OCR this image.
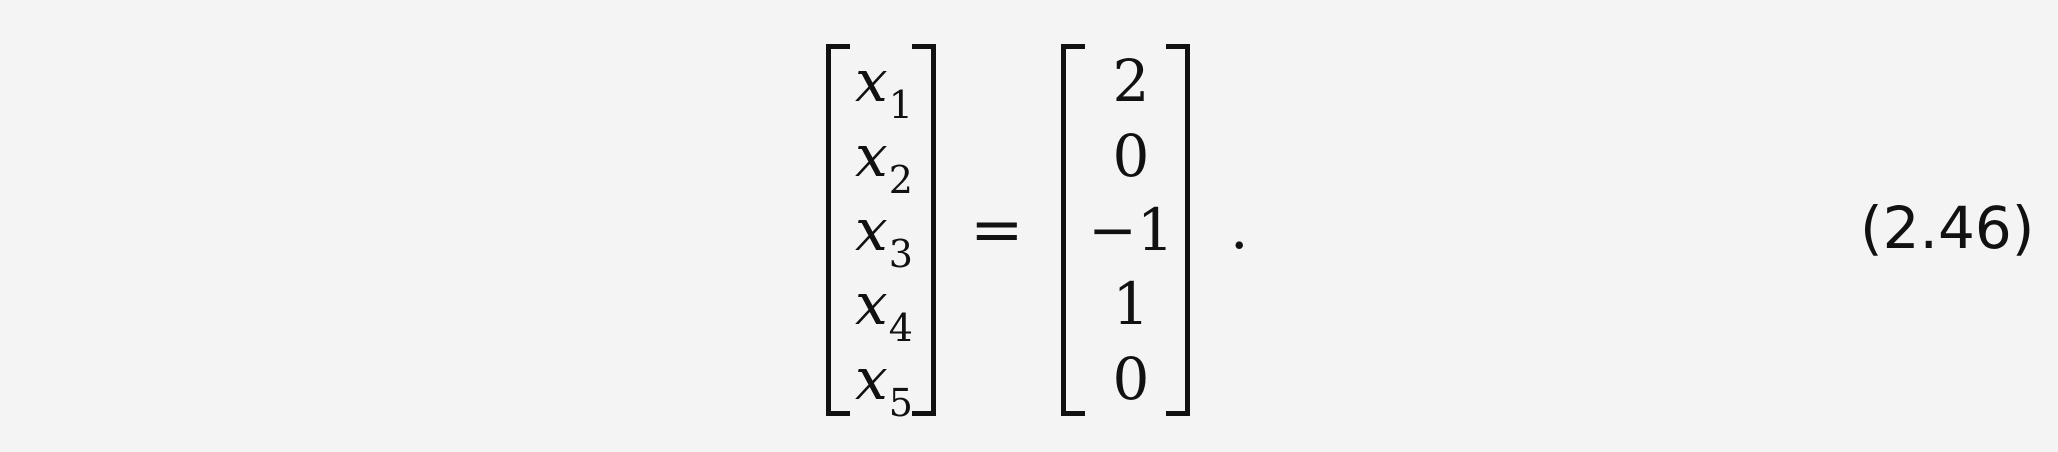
$x_1$
$x_2$
$x_3$
$x_4$
$x_5$
=
2
0
−1
1
0
.	(2.46)
